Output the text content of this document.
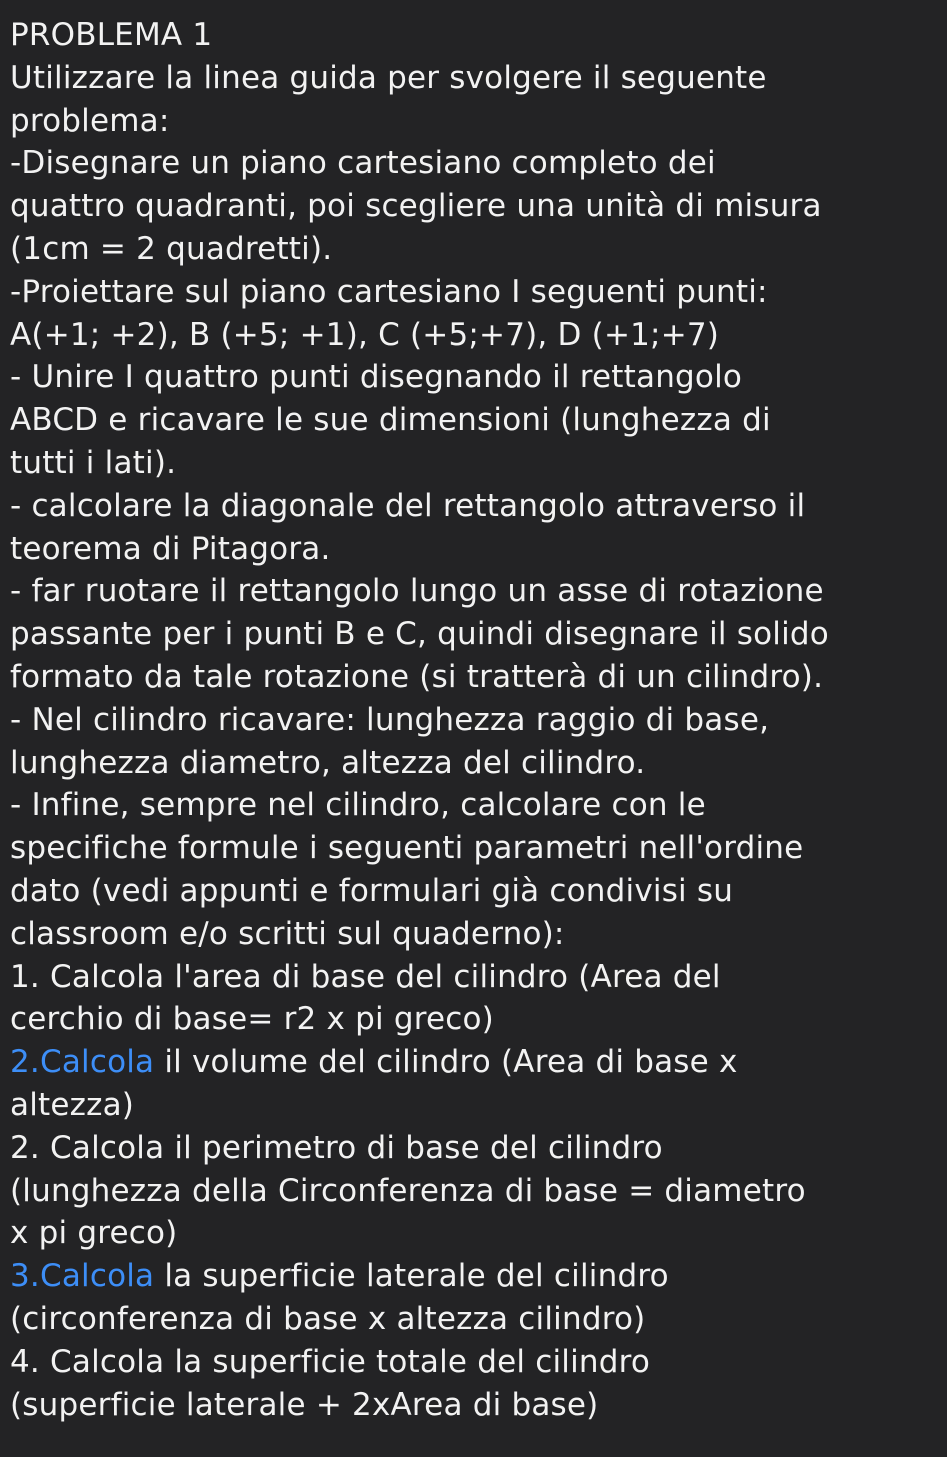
PROBLEMA 1
Utilizzare la linea guida per svolgere il seguente
problema:
-Disegnare un piano cartesiano completo dei
quattro quadranti, poi scegliere una unità di misura
(1cm = 2 quadretti).
-Proiettare sul piano cartesiano I seguenti punti:
A(+1; +2), B (+5; +1), C (+5;+7), D (+1;+7)
- Unire I quattro punti disegnando il rettangolo
ABCD e ricavare le sue dimensioni (lunghezza di
tutti i lati).
- calcolare la diagonale del rettangolo attraverso il
teorema di Pitagora.
- far ruotare il rettangolo lungo un asse di rotazione
passante per i punti B e C, quindi disegnare il solido
formato da tale rotazione (si tratterà di un cilindro).
- Nel cilindro ricavare: lunghezza raggio di base,
lunghezza diametro, altezza del cilindro.
- Infine, sempre nel cilindro, calcolare con le
specifiche formule i seguenti parametri nell'ordine
dato (vedi appunti e formulari già condivisi su
classroom e/o scritti sul quaderno):
1. Calcola l'area di base del cilindro (Area del
cerchio di base= r2 x pi greco)
2.Calcola il volume del cilindro (Area di base x
altezza)
2. Calcola il perimetro di base del cilindro
(lunghezza della Circonferenza di base = diametro
x pi greco)
3.Calcola la superficie laterale del cilindro
(circonferenza di base x altezza cilindro)
4. Calcola la superficie totale del cilindro
(superficie laterale + 2xArea di base)
